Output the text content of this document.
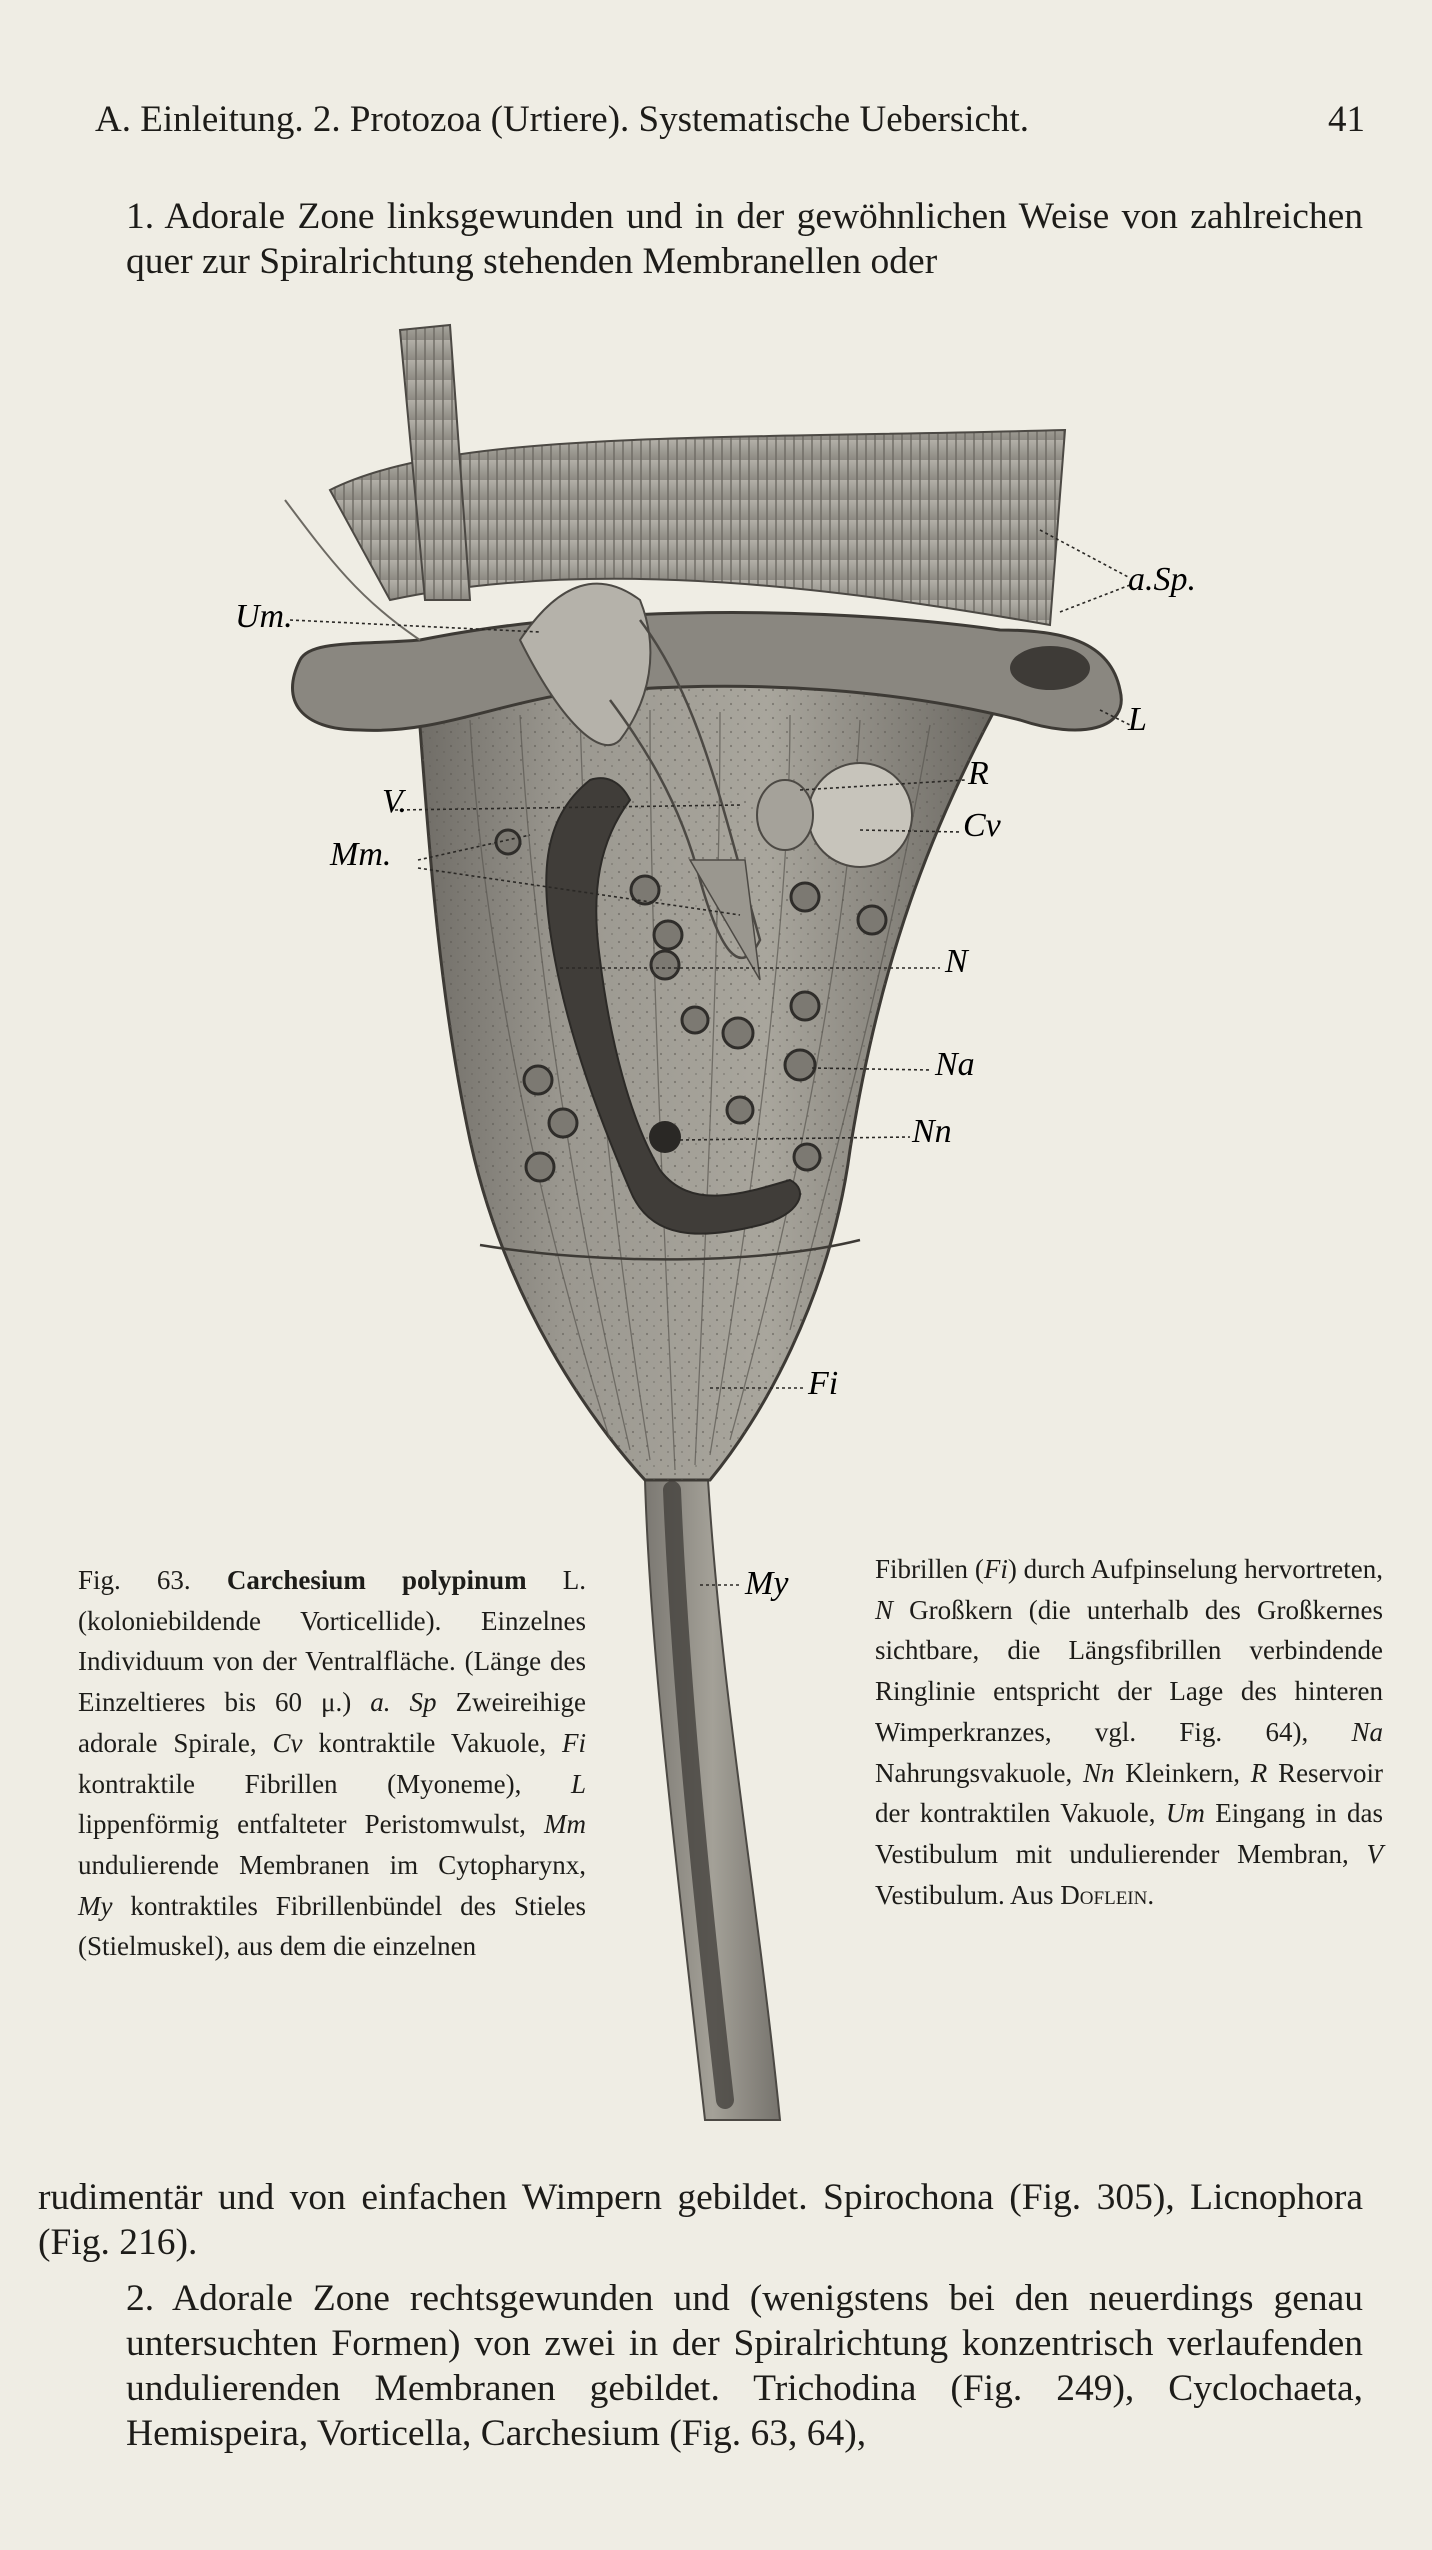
A. Einleitung. 2. Protozoa (Urtiere). Systematische Uebersicht.	41
1. Adorale Zone linksgewunden und in der gewöhnlichen Weise von zahlreichen quer zur Spiralrichtung stehenden Membranellen oder
a.Sp.
Um.
L
R
Cv
V.
Mm.
N
Na
Nn
Fi
My
Fig. 63. Carchesium polypinum L. (koloniebildende Vorticellide). Einzelnes Individuum von der Ventralfläche. (Länge des Einzeltieres bis 60 μ.) a. Sp Zweireihige adorale Spirale, Cv kontraktile Vakuole, Fi kontraktile Fibrillen (Myoneme), L lippenförmig entfalteter Peristomwulst, Mm undulierende Membranen im Cytopharynx, My kontraktiles Fibrillenbündel des Stieles (Stielmuskel), aus dem die einzelnen
Fibrillen (Fi) durch Aufpinselung hervortreten, N Großkern (die unterhalb des Großkernes sichtbare, die Längsfibrillen verbindende Ringlinie entspricht der Lage des hinteren Wimperkranzes, vgl. Fig. 64), Na Nahrungsvakuole, Nn Kleinkern, R Reservoir der kontraktilen Vakuole, Um Eingang in das Vestibulum mit undulierender Membran, V Vestibulum. Aus Doflein.
rudimentär und von einfachen Wimpern gebildet. Spirochona (Fig. 305), Licnophora (Fig. 216).
2. Adorale Zone rechtsgewunden und (wenigstens bei den neuerdings genau untersuchten Formen) von zwei in der Spiralrichtung konzentrisch verlaufenden undulierenden Membranen gebildet. Trichodina (Fig. 249), Cyclochaeta, Hemispeira, Vorticella, Carchesium (Fig. 63, 64),
